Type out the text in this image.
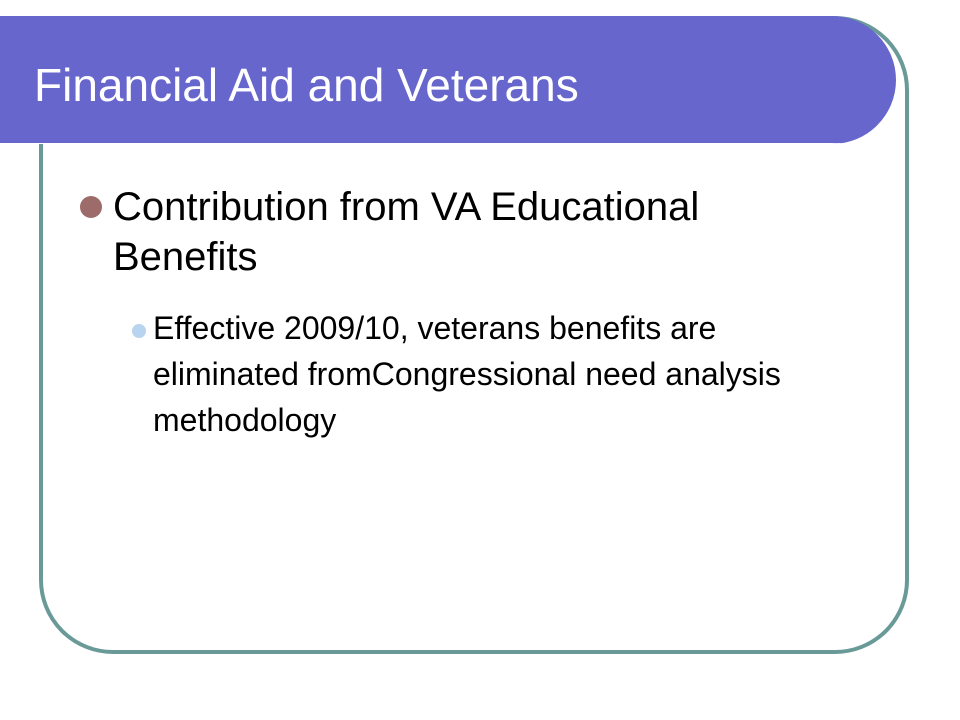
Financial Aid and Veterans
Contribution from VA Educational Benefits
Effective 2009/10, veterans benefits are eliminated fromCongressional need analysis methodology
